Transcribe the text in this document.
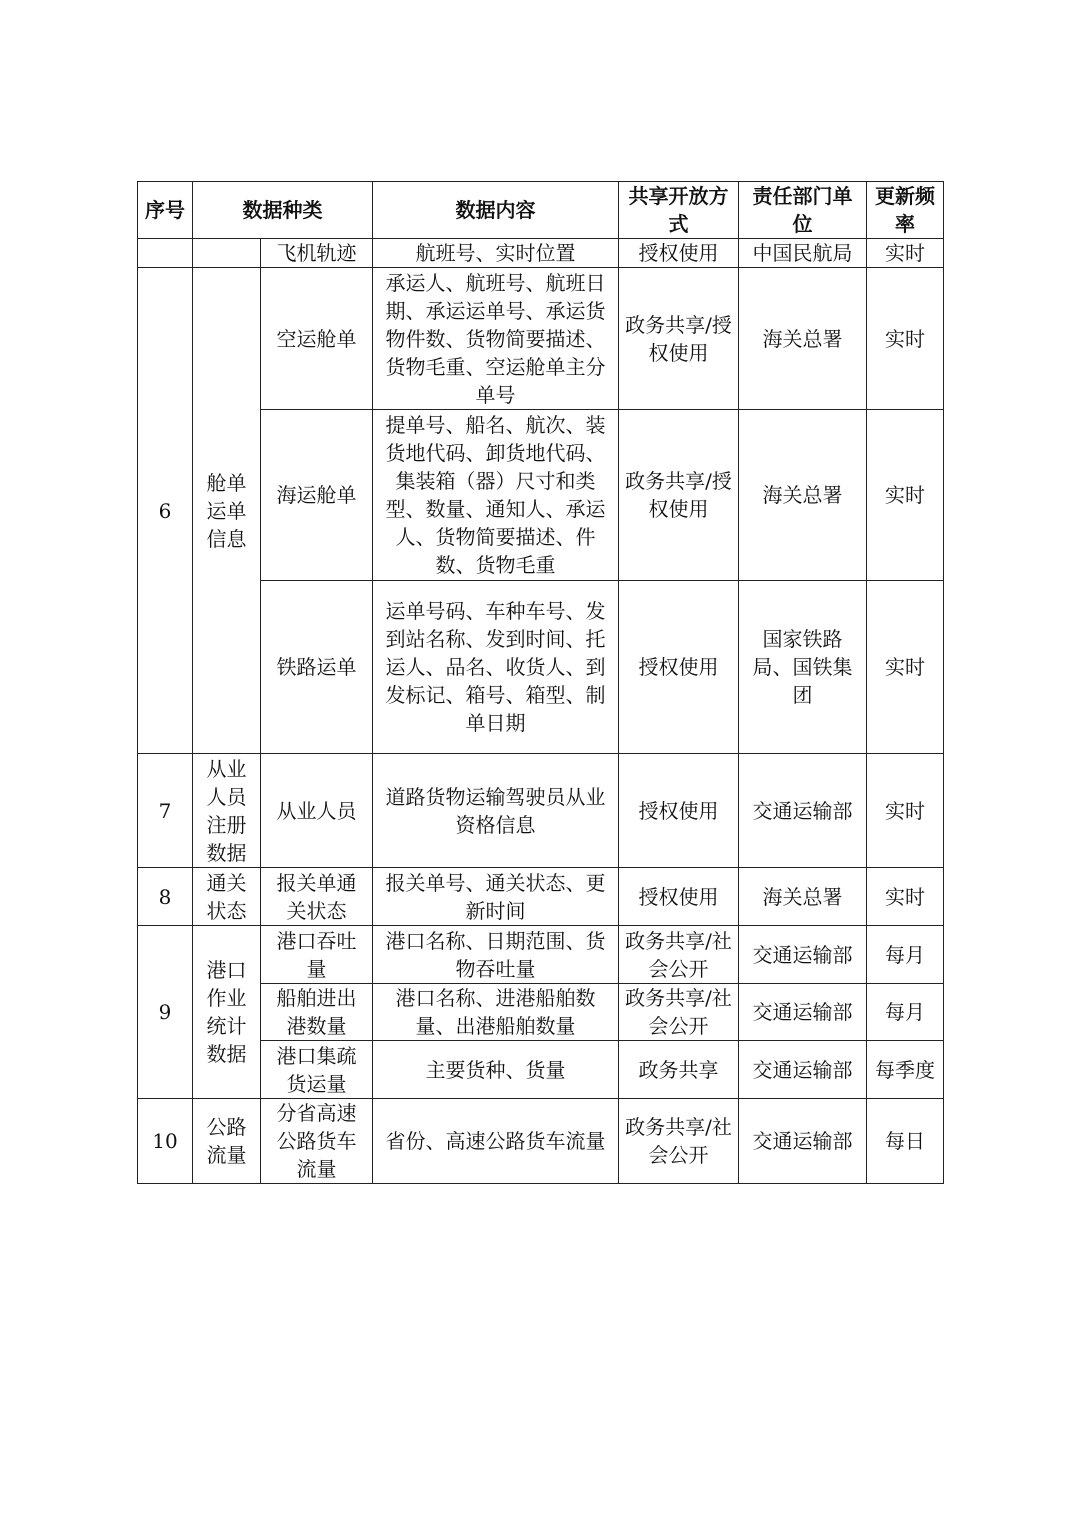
序号	数据种类		数据内容	共享开放方式	责任部门单位	更新频率
		飞机轨迹	航班号、实时位置	授权使用	中国民航局	实时
6	舱单运单信息	空运舱单	承运人、航班号、航班日期、承运运单号、承运货物件数、货物简要描述、货物毛重、空运舱单主分单号	政务共享/授权使用	海关总署	实时
		海运舱单	提单号、船名、航次、装货地代码、卸货地代码、集装箱（器）尺寸和类型、数量、通知人、承运人、货物简要描述、件数、货物毛重	政务共享/授权使用	海关总署	实时
		铁路运单	运单号码、车种车号、发到站名称、发到时间、托运人、品名、收货人、到发标记、箱号、箱型、制单日期	授权使用	国家铁路局、国铁集团	实时
7	从业人员注册数据	从业人员	道路货物运输驾驶员从业资格信息	授权使用	交通运输部	实时
8	通关状态	报关单通关状态	报关单号、通关状态、更新时间	授权使用	海关总署	实时
9	港口作业统计数据	港口吞吐量	港口名称、日期范围、货物吞吐量	政务共享/社会公开	交通运输部	每月
		船舶进出港数量	港口名称、进港船舶数量、出港船舶数量	政务共享/社会公开	交通运输部	每月
		港口集疏货运量	主要货种、货量	政务共享	交通运输部	每季度
10	公路流量	分省高速公路货车流量	省份、高速公路货车流量	政务共享/社会公开	交通运输部	每日
